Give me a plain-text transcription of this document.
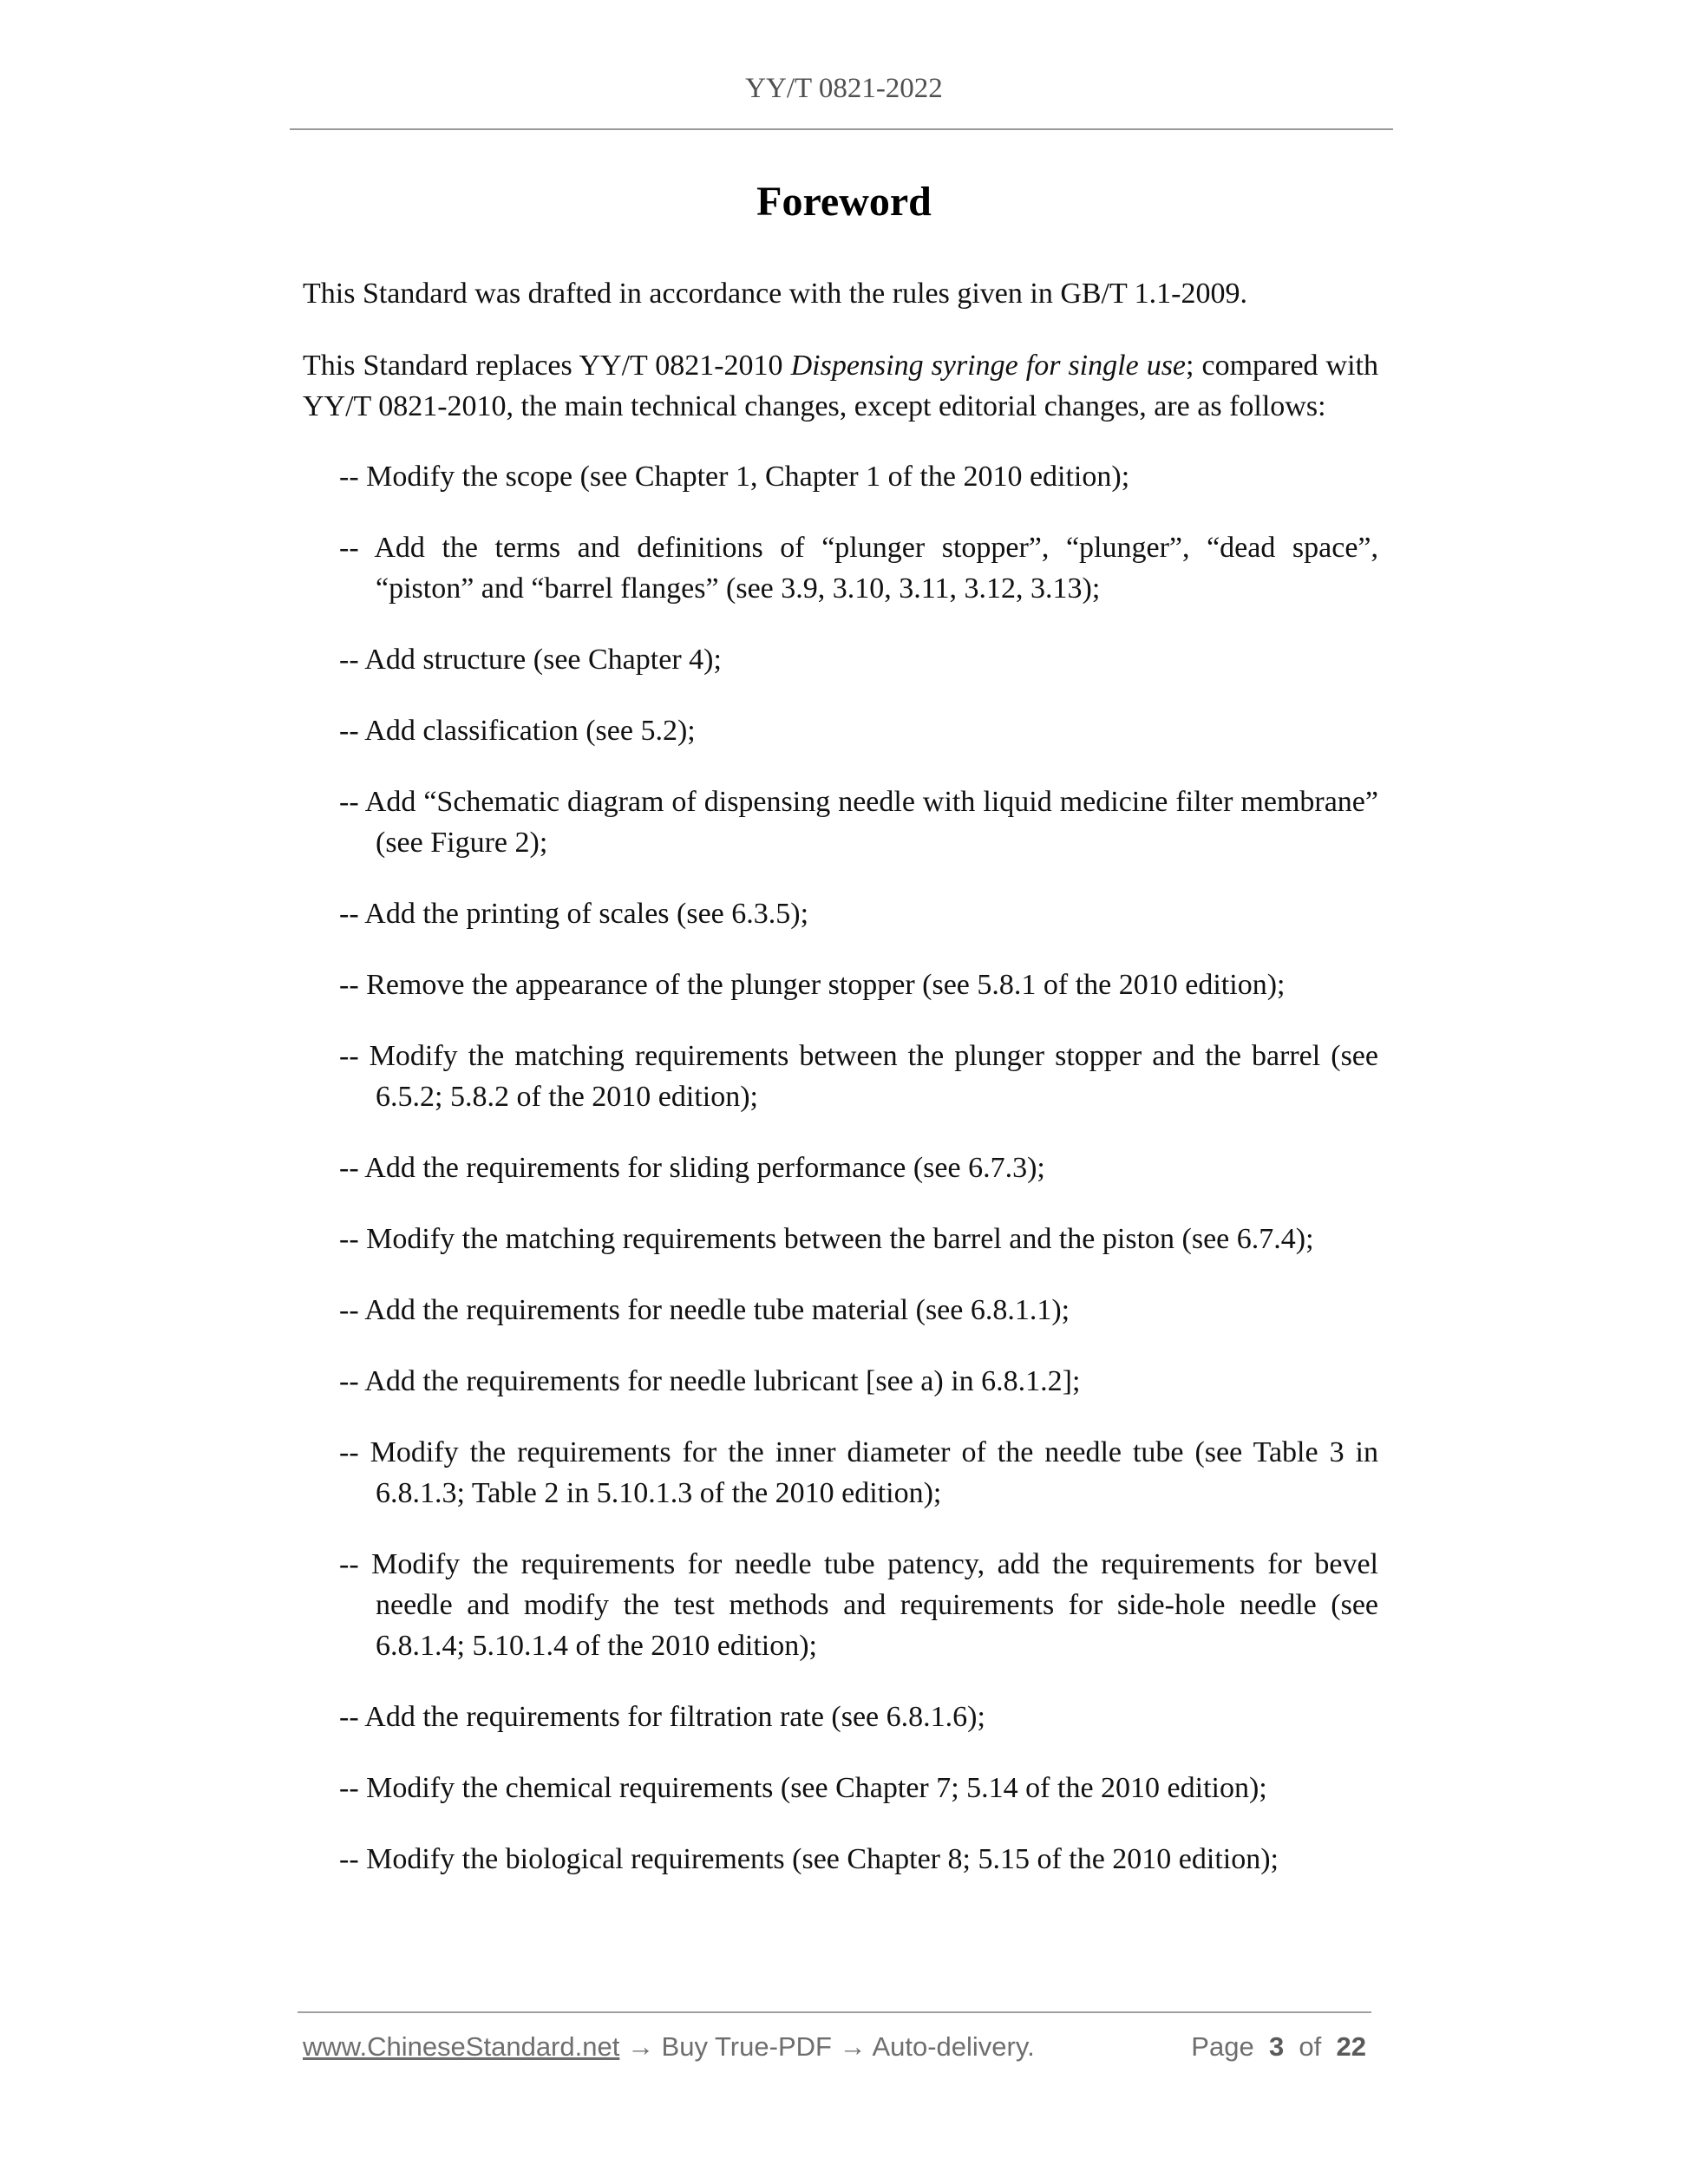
YY/T 0821-2022
Foreword

This Standard was drafted in accordance with the rules given in GB/T 1.1-2009.

This Standard replaces YY/T 0821-2010 Dispensing syringe for single use; compared with YY/T 0821-2010, the main technical changes, except editorial changes, are as follows:

-- Modify the scope (see Chapter 1, Chapter 1 of the 2010 edition);
-- Add the terms and definitions of “plunger stopper”, “plunger”, “dead space”, “piston” and “barrel flanges” (see 3.9, 3.10, 3.11, 3.12, 3.13);
-- Add structure (see Chapter 4);
-- Add classification (see 5.2);
-- Add “Schematic diagram of dispensing needle with liquid medicine filter membrane” (see Figure 2);
-- Add the printing of scales (see 6.3.5);
-- Remove the appearance of the plunger stopper (see 5.8.1 of the 2010 edition);
-- Modify the matching requirements between the plunger stopper and the barrel (see 6.5.2; 5.8.2 of the 2010 edition);
-- Add the requirements for sliding performance (see 6.7.3);
-- Modify the matching requirements between the barrel and the piston (see 6.7.4);
-- Add the requirements for needle tube material (see 6.8.1.1);
-- Add the requirements for needle lubricant [see a) in 6.8.1.2];
-- Modify the requirements for the inner diameter of the needle tube (see Table 3 in 6.8.1.3; Table 2 in 5.10.1.3 of the 2010 edition);
-- Modify the requirements for needle tube patency, add the requirements for bevel needle and modify the test methods and requirements for side-hole needle (see 6.8.1.4; 5.10.1.4 of the 2010 edition);
-- Add the requirements for filtration rate (see 6.8.1.6);
-- Modify the chemical requirements (see Chapter 7; 5.14 of the 2010 edition);
-- Modify the biological requirements (see Chapter 8; 5.15 of the 2010 edition);
www.ChineseStandard.net → Buy True-PDF → Auto-delivery.	Page 3 of 22
